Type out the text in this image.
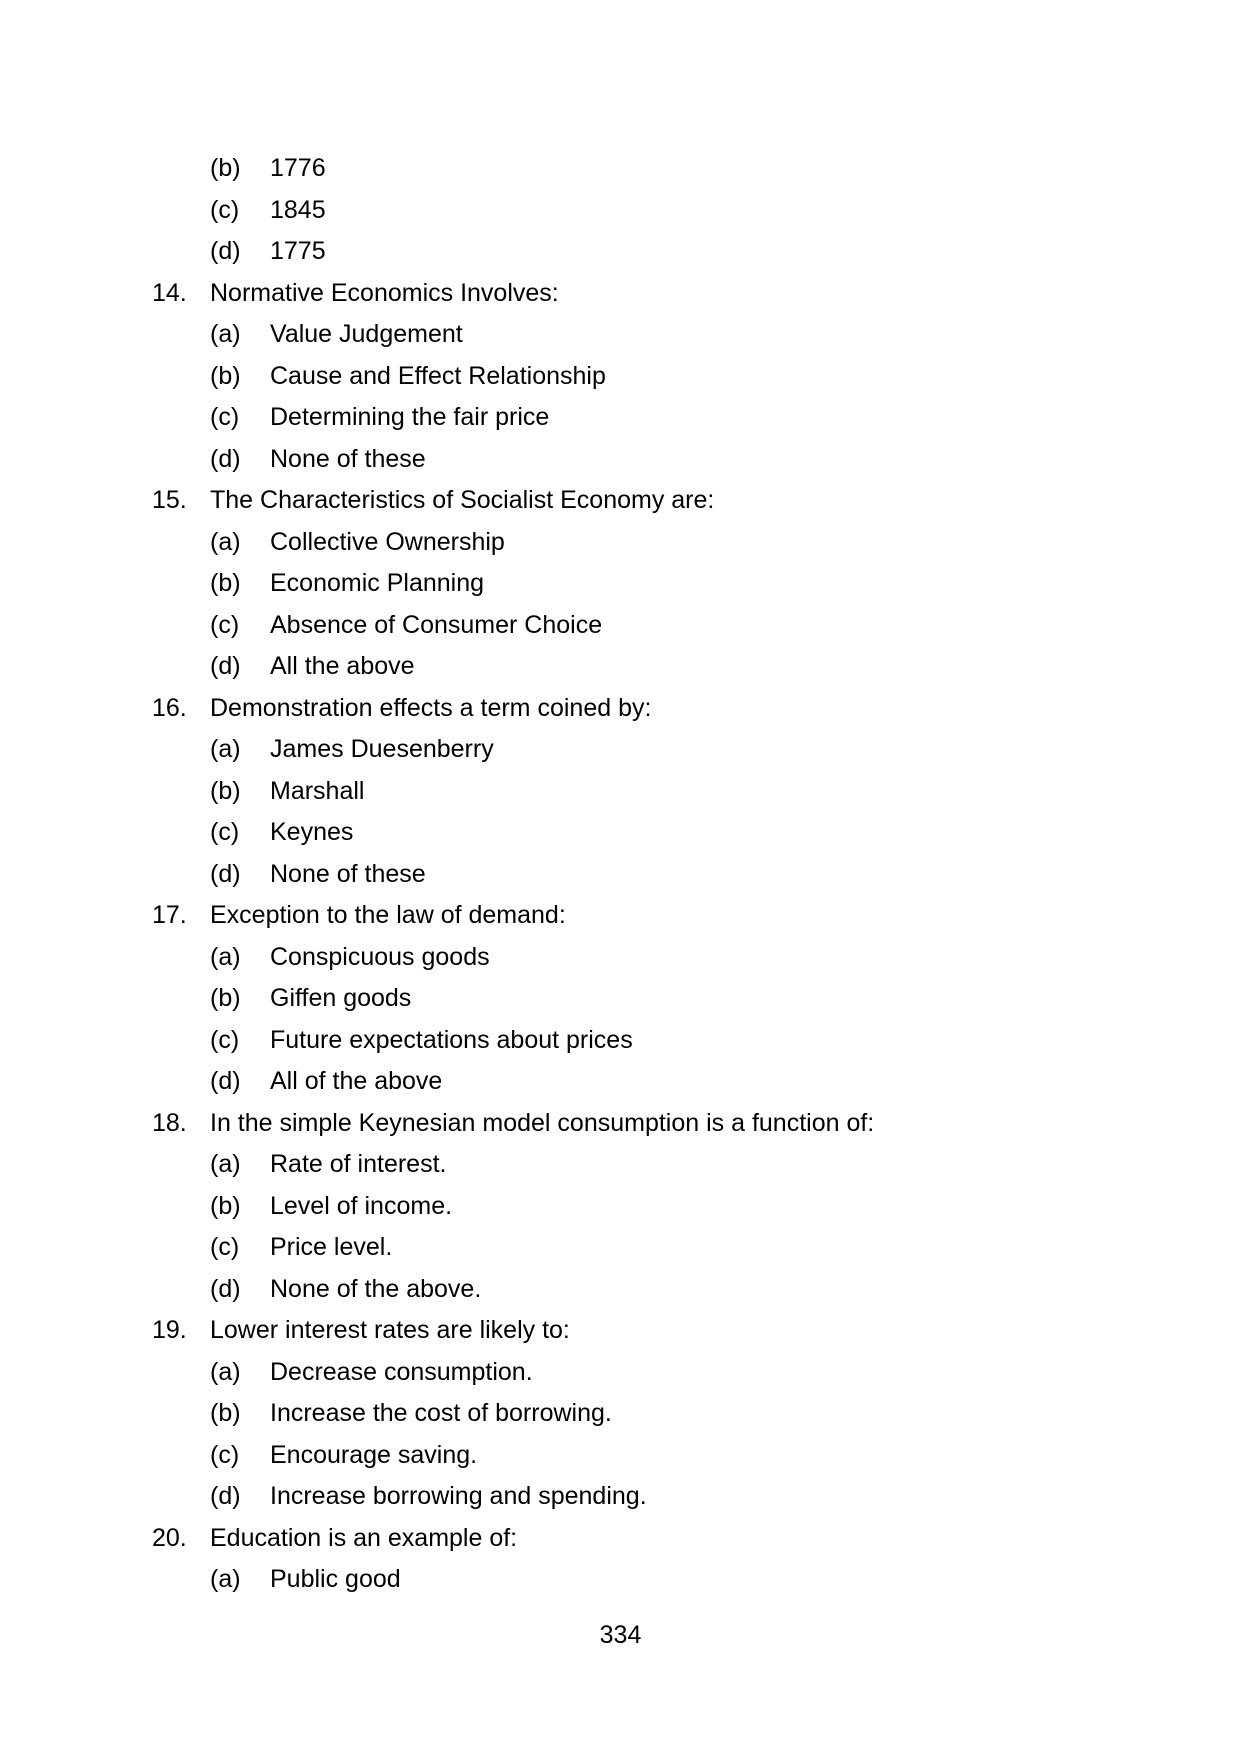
(b) 1776
(c) 1845
(d) 1775
14. Normative Economics Involves:
(a) Value Judgement
(b) Cause and Effect Relationship
(c) Determining the fair price
(d) None of these
15. The Characteristics of Socialist Economy are:
(a) Collective Ownership
(b) Economic Planning
(c) Absence of Consumer Choice
(d) All the above
16. Demonstration effects a term coined by:
(a) James Duesenberry
(b) Marshall
(c) Keynes
(d) None of these
17. Exception to the law of demand:
(a) Conspicuous goods
(b) Giffen goods
(c) Future expectations about prices
(d) All of the above
18. In the simple Keynesian model consumption is a function of:
(a) Rate of interest.
(b) Level of income.
(c) Price level.
(d) None of the above.
19. Lower interest rates are likely to:
(a) Decrease consumption.
(b) Increase the cost of borrowing.
(c) Encourage saving.
(d) Increase borrowing and spending.
20. Education is an example of:
(a) Public good
334
